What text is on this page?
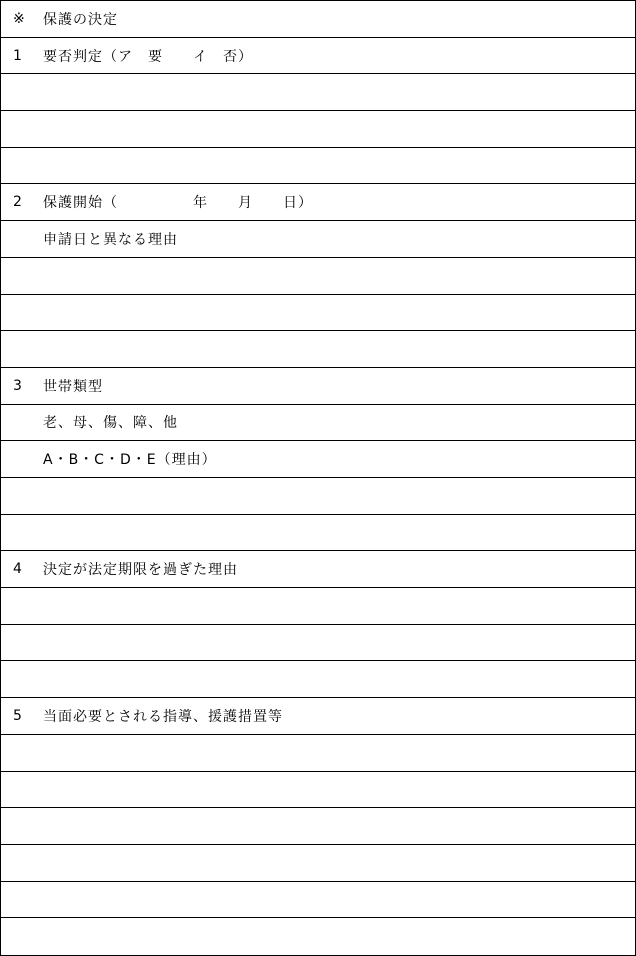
※ 保護の決定
1 要否判定（ア　要　　イ　否）
2 保護開始（　　　　　年　　月　　日）
申請日と異なる理由
3 世帯類型
老、母、傷、障、他
A・B・C・D・E（理由）
4 決定が法定期限を過ぎた理由
5 当面必要とされる指導、援護措置等
